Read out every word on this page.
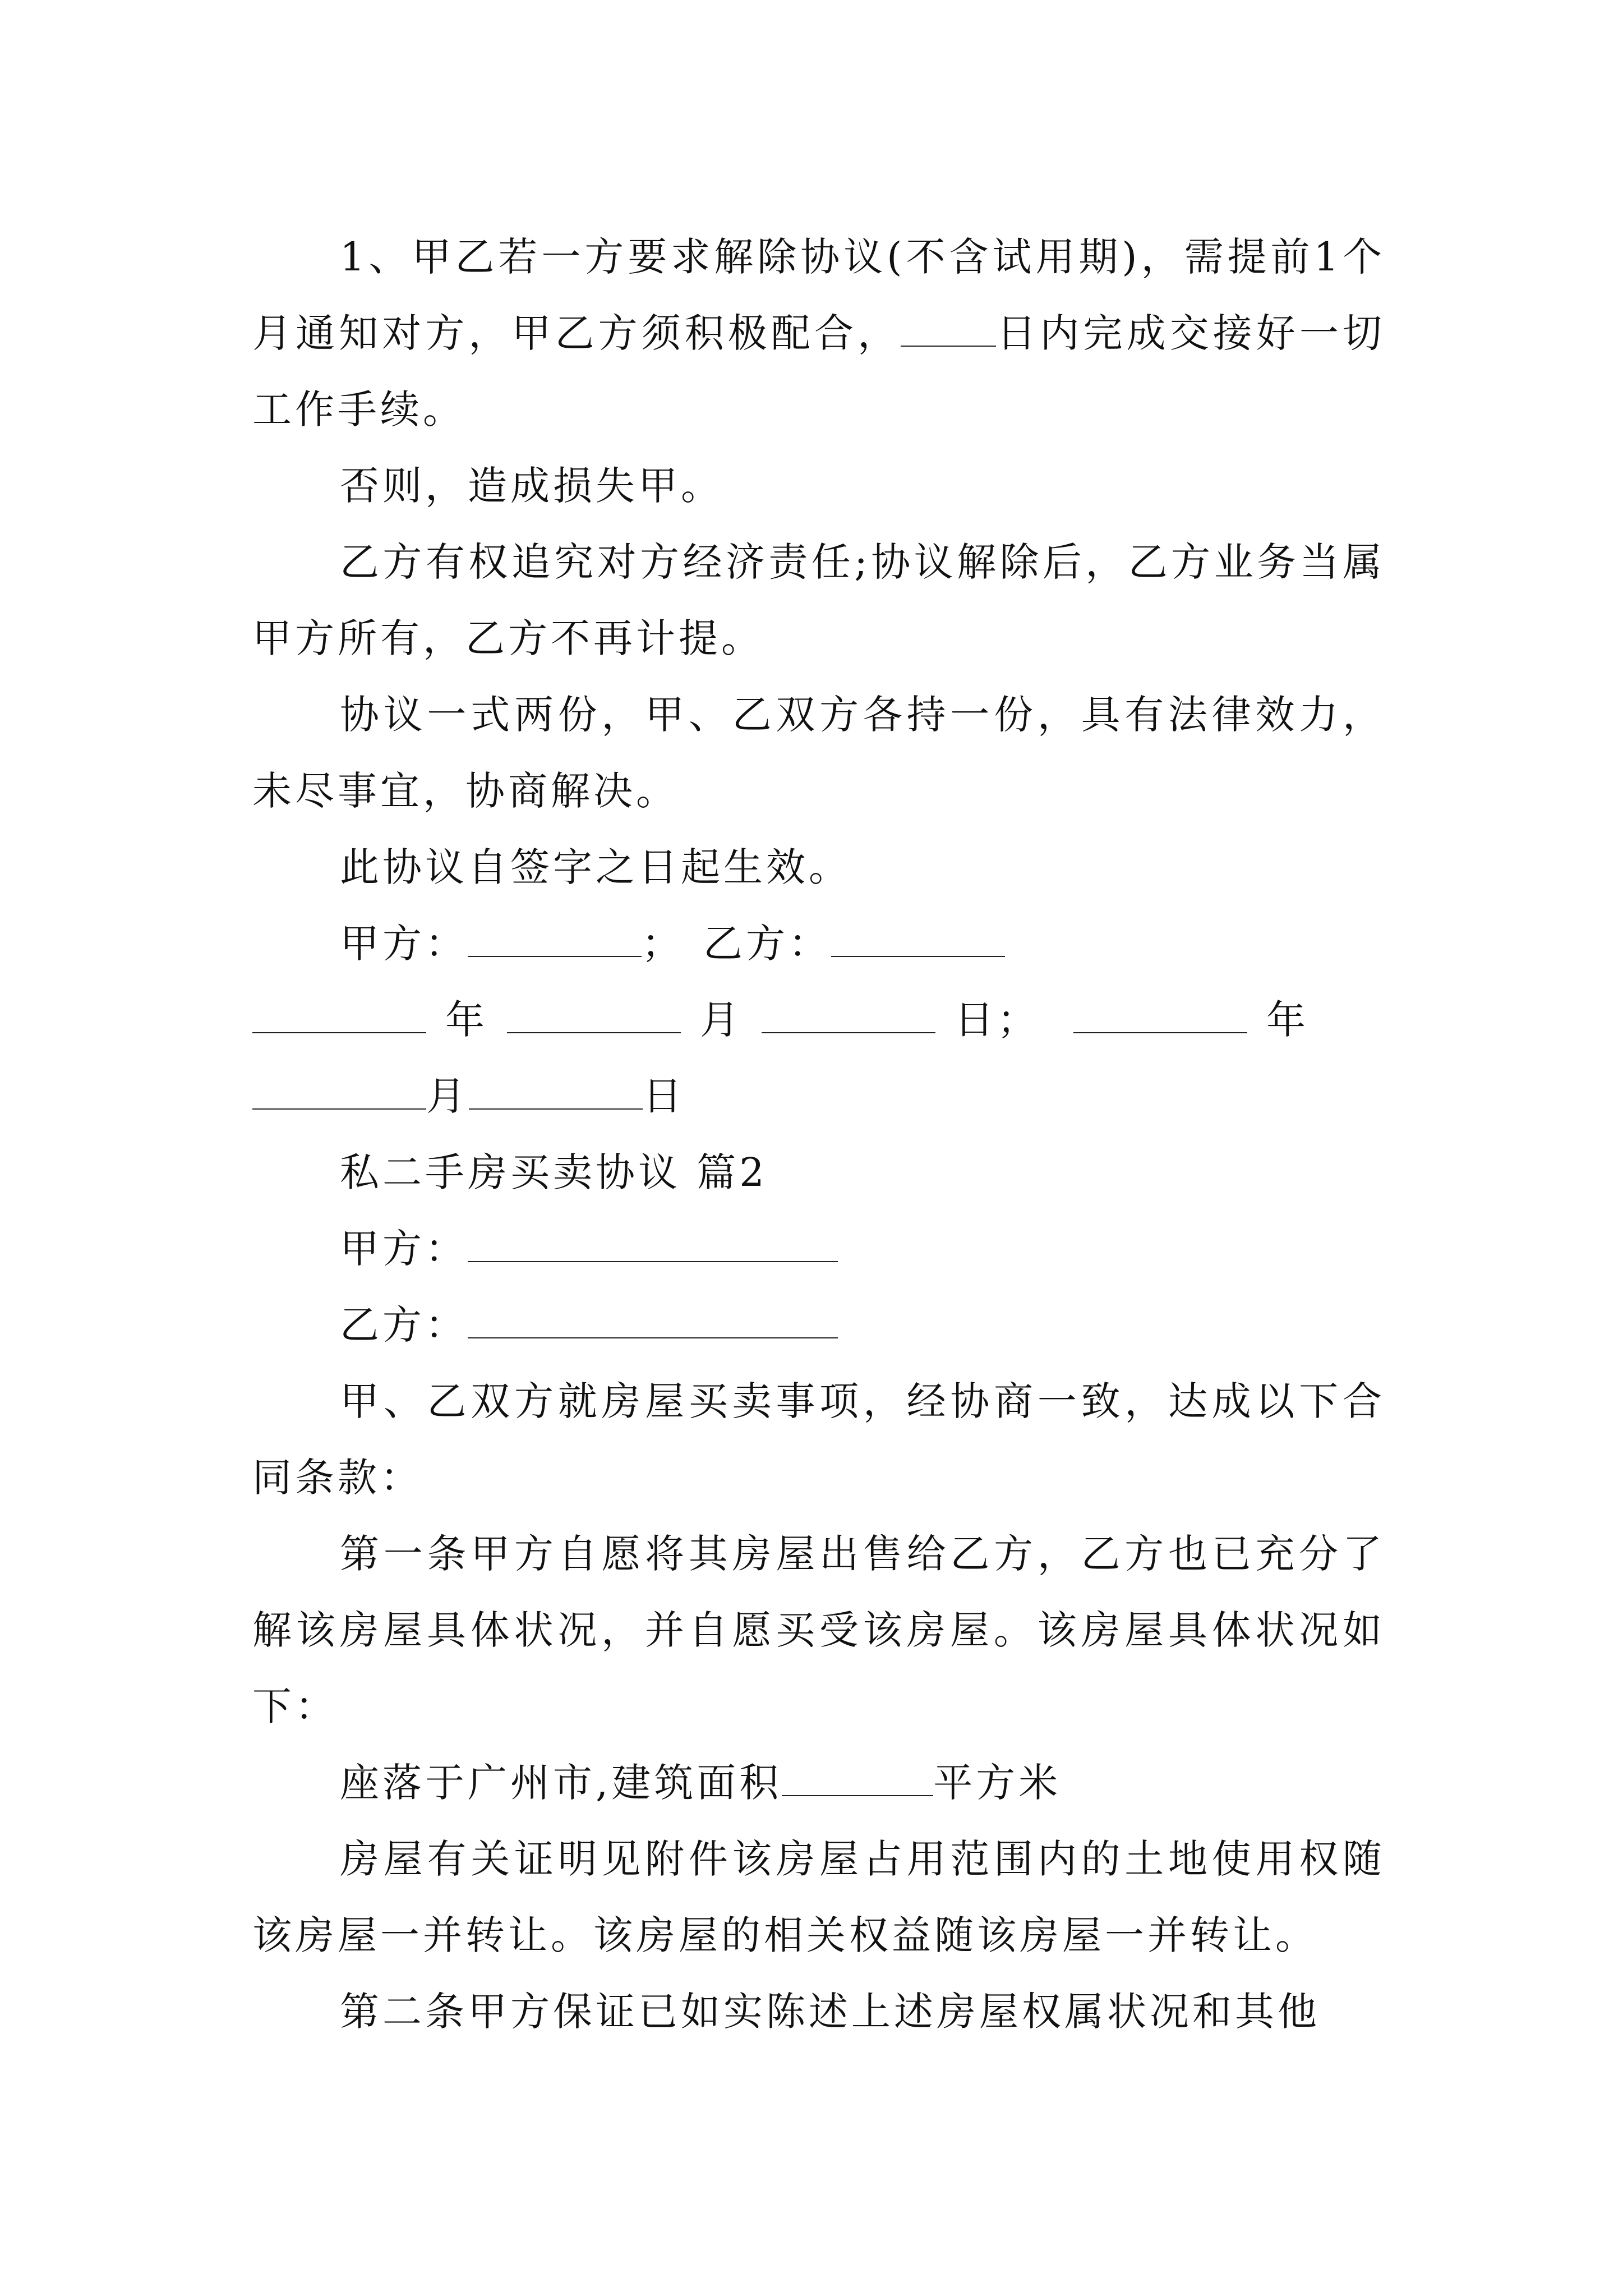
1、甲乙若一方要求解除协议(不含试用期)，需提前1个月通知对方，甲乙方须积极配合， 日内完成交接好一切工作手续。

否则，造成损失甲。

乙方有权追究对方经济责任;协议解除后，乙方业务当属甲方所有，乙方不再计提。

协议一式两份，甲、乙双方各持一份，具有法律效力，未尽事宜，协商解决。

此协议自签字之日起生效。

甲方：	； 乙方：

年	月	日；	年

月	日

私二手房买卖协议 篇2

甲方：

乙方：

甲、乙双方就房屋买卖事项，经协商一致，达成以下合同条款：

第一条甲方自愿将其房屋出售给乙方，乙方也已充分了解该房屋具体状况，并自愿买受该房屋。该房屋具体状况如下：

座落于广州市,建筑面积	平方米

房屋有关证明见附件该房屋占用范围内的土地使用权随该房屋一并转让。该房屋的相关权益随该房屋一并转让。

第二条甲方保证已如实陈述上述房屋权属状况和其他
